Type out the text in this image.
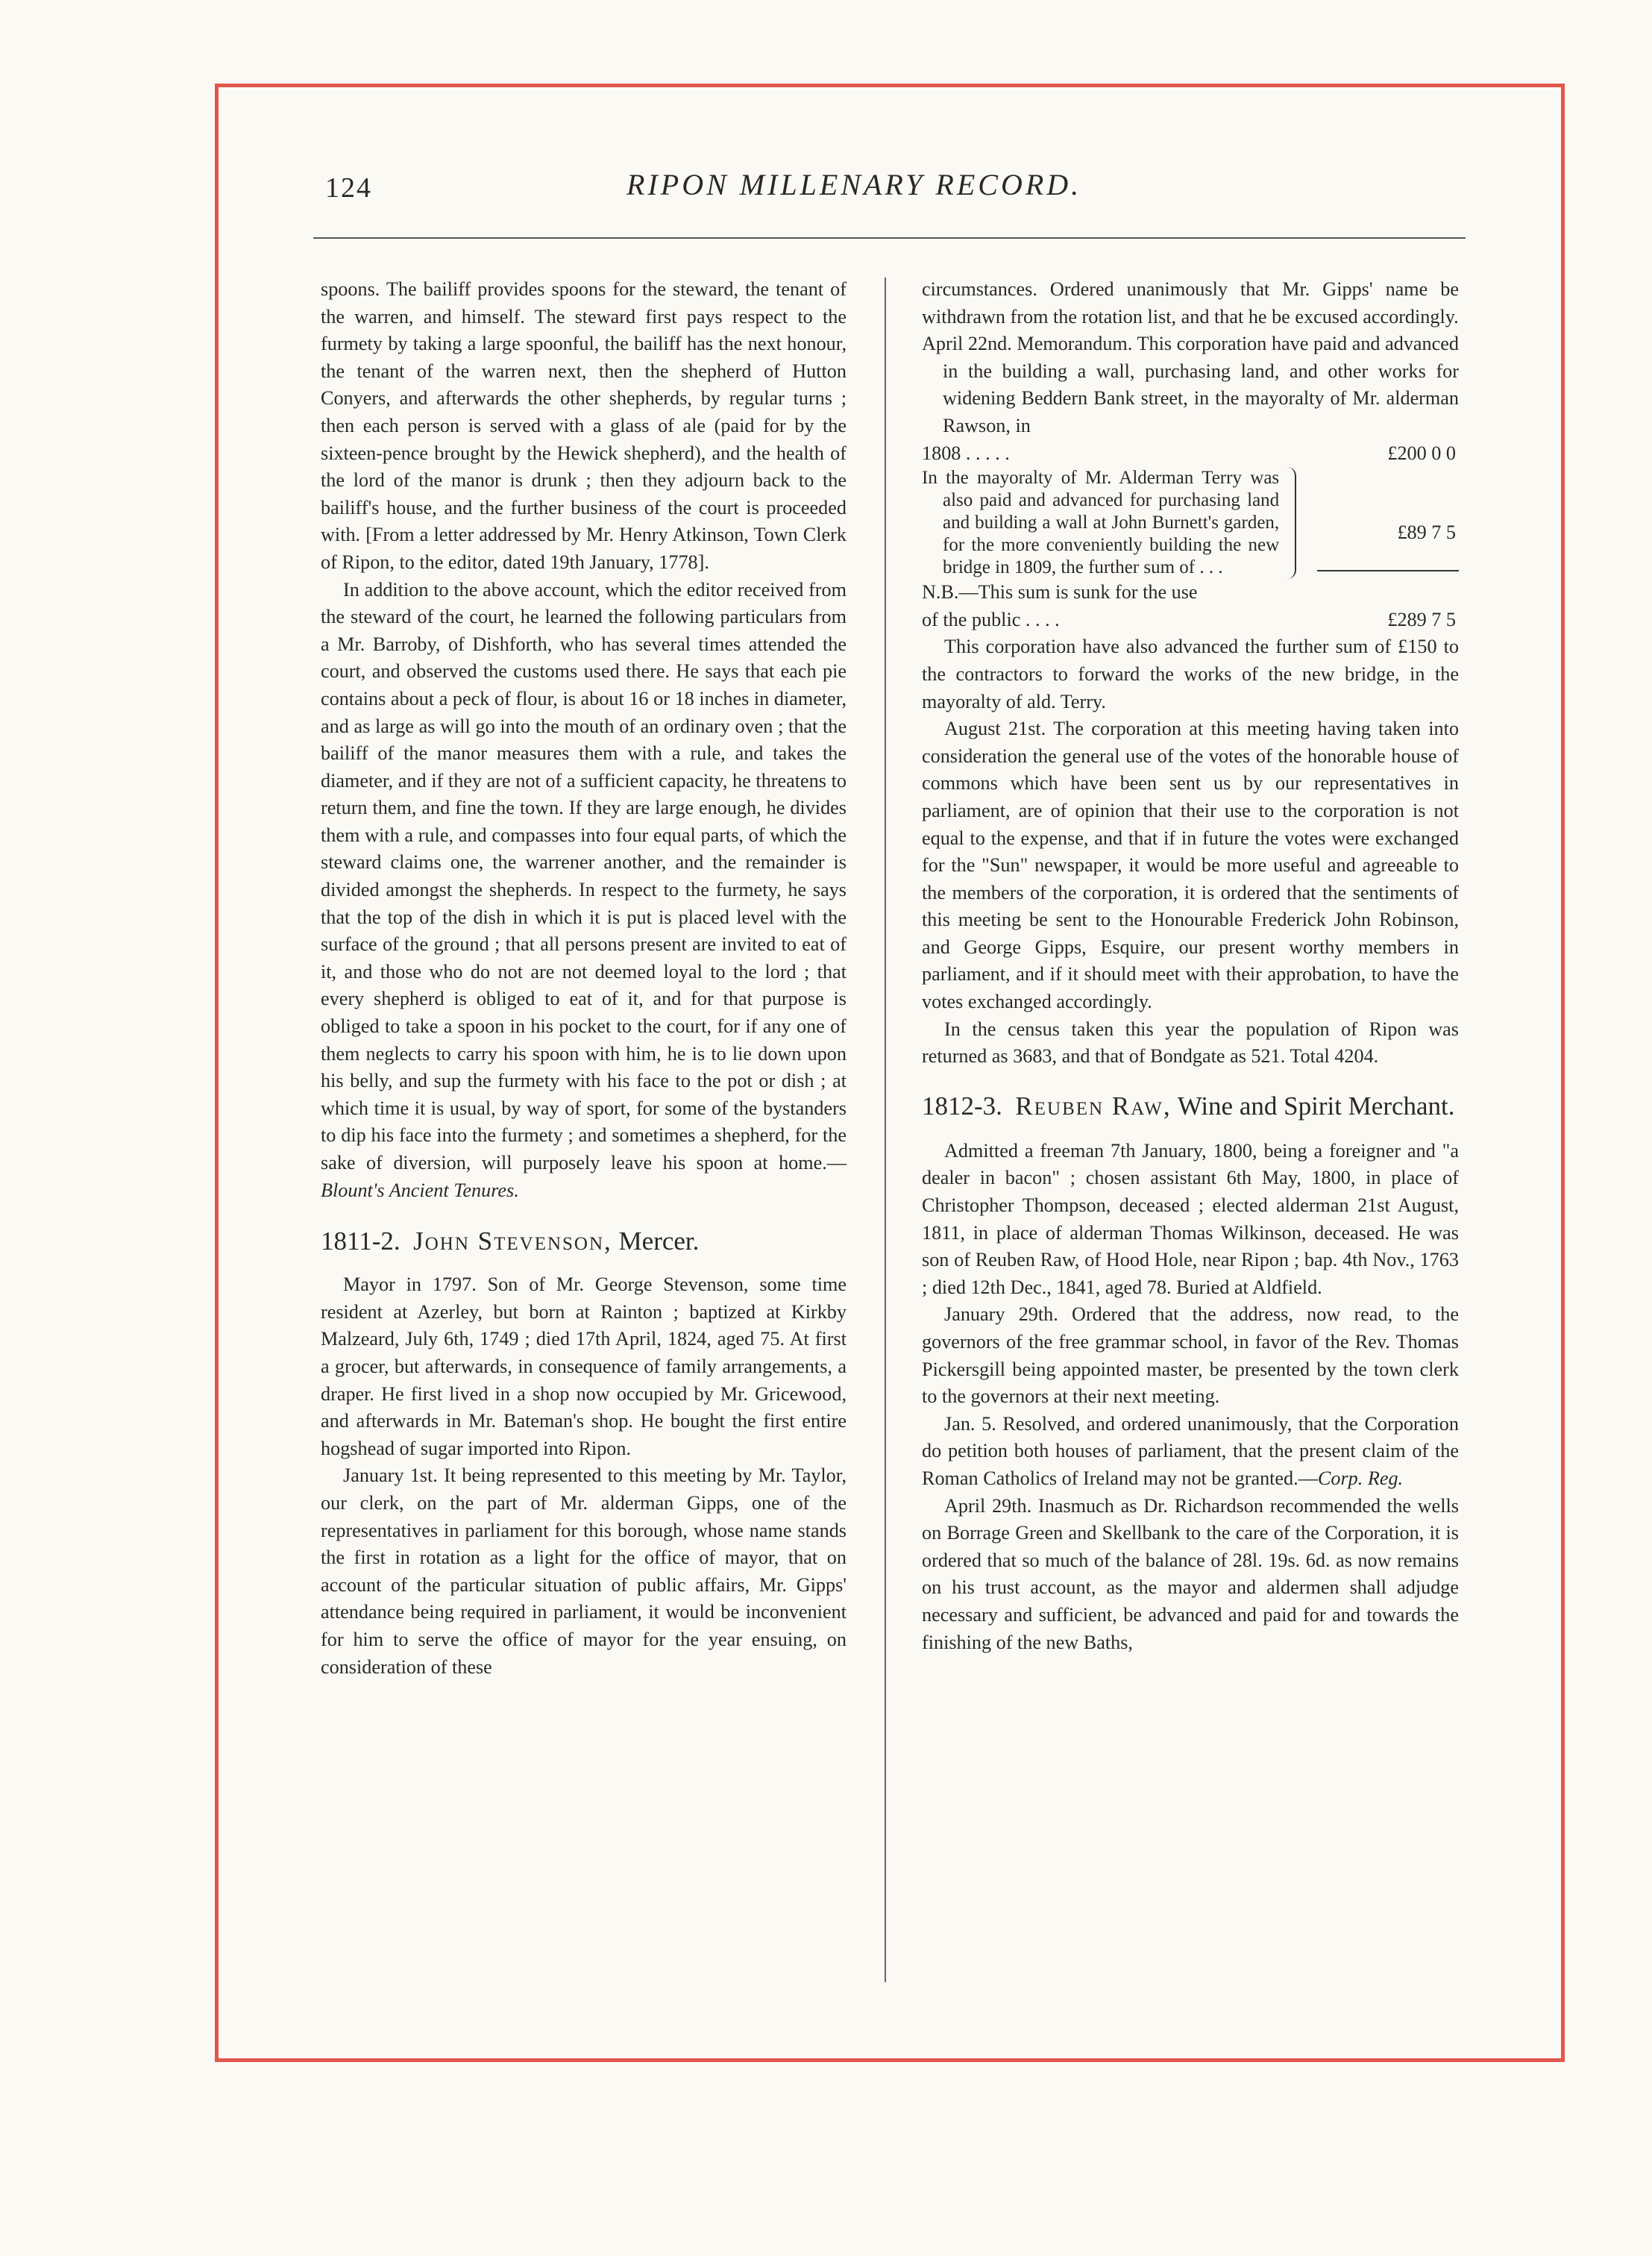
124	RIPON MILLENARY RECORD.

spoons. The bailiff provides spoons for the steward, the tenant of the warren, and himself. The steward first pays respect to the furmety by taking a large spoonful, the bailiff has the next honour, the tenant of the warren next, then the shepherd of Hutton Conyers, and afterwards the other shepherds, by regular turns ; then each person is served with a glass of ale (paid for by the sixteen-pence brought by the Hewick shepherd), and the health of the lord of the manor is drunk ; then they adjourn back to the bailiff's house, and the further business of the court is proceeded with. [From a letter addressed by Mr. Henry Atkinson, Town Clerk of Ripon, to the editor, dated 19th January, 1778].

In addition to the above account, which the editor received from the steward of the court, he learned the following particulars from a Mr. Barroby, of Dishforth, who has several times attended the court, and observed the customs used there. He says that each pie contains about a peck of flour, is about 16 or 18 inches in diameter, and as large as will go into the mouth of an ordinary oven ; that the bailiff of the manor measures them with a rule, and takes the diameter, and if they are not of a sufficient capacity, he threatens to return them, and fine the town. If they are large enough, he divides them with a rule, and compasses into four equal parts, of which the steward claims one, the warrener another, and the remainder is divided amongst the shepherds. In respect to the furmety, he says that the top of the dish in which it is put is placed level with the surface of the ground ; that all persons present are invited to eat of it, and those who do not are not deemed loyal to the lord ; that every shepherd is obliged to eat of it, and for that purpose is obliged to take a spoon in his pocket to the court, for if any one of them neglects to carry his spoon with him, he is to lie down upon his belly, and sup the furmety with his face to the pot or dish ; at which time it is usual, by way of sport, for some of the bystanders to dip his face into the furmety ; and sometimes a shepherd, for the sake of diversion, will purposely leave his spoon at home.—Blount's Ancient Tenures.

1811-2. John Stevenson, Mercer.

Mayor in 1797. Son of Mr. George Stevenson, some time resident at Azerley, but born at Rainton ; baptized at Kirkby Malzeard, July 6th, 1749 ; died 17th April, 1824, aged 75. At first a grocer, but afterwards, in consequence of family arrangements, a draper. He first lived in a shop now occupied by Mr. Gricewood, and afterwards in Mr. Bateman's shop. He bought the first entire hogshead of sugar imported into Ripon.

January 1st. It being represented to this meeting by Mr. Taylor, our clerk, on the part of Mr. alderman Gipps, one of the representatives in parliament for this borough, whose name stands the first in rotation as a light for the office of mayor, that on account of the particular situation of public affairs, Mr. Gipps' attendance being required in parliament, it would be inconvenient for him to serve the office of mayor for the year ensuing, on consideration of these

circumstances. Ordered unanimously that Mr. Gipps' name be withdrawn from the rotation list, and that he be excused accordingly.

April 22nd. Memorandum. This corporation have paid and advanced in the building a wall, purchasing land, and other works for widening Beddern Bank street, in the mayoralty of Mr. alderman Rawson, in
1808 . . . . .	£200 0 0
In the mayoralty of Mr. Alderman Terry was also paid and advanced for purchasing land and building a wall at John Burnett's garden, for the more conveniently building the new bridge in 1809, the further sum of . . .
£89 7 5
N.B.—This sum is sunk for the use
of the public . . . .	£289 7 5

This corporation have also advanced the further sum of £150 to the contractors to forward the works of the new bridge, in the mayoralty of ald. Terry.

August 21st. The corporation at this meeting having taken into consideration the general use of the votes of the honorable house of commons which have been sent us by our representatives in parliament, are of opinion that their use to the corporation is not equal to the expense, and that if in future the votes were exchanged for the "Sun" newspaper, it would be more useful and agreeable to the members of the corporation, it is ordered that the sentiments of this meeting be sent to the Honourable Frederick John Robinson, and George Gipps, Esquire, our present worthy members in parliament, and if it should meet with their approbation, to have the votes exchanged accordingly.

In the census taken this year the population of Ripon was returned as 3683, and that of Bondgate as 521. Total 4204.

1812-3. Reuben Raw, Wine and Spirit Merchant.

Admitted a freeman 7th January, 1800, being a foreigner and "a dealer in bacon" ; chosen assistant 6th May, 1800, in place of Christopher Thompson, deceased ; elected alderman 21st August, 1811, in place of alderman Thomas Wilkinson, deceased. He was son of Reuben Raw, of Hood Hole, near Ripon ; bap. 4th Nov., 1763 ; died 12th Dec., 1841, aged 78. Buried at Aldfield.

January 29th. Ordered that the address, now read, to the governors of the free grammar school, in favor of the Rev. Thomas Pickersgill being appointed master, be presented by the town clerk to the governors at their next meeting.

Jan. 5. Resolved, and ordered unanimously, that the Corporation do petition both houses of parliament, that the present claim of the Roman Catholics of Ireland may not be granted.—Corp. Reg.

April 29th. Inasmuch as Dr. Richardson recommended the wells on Borrage Green and Skellbank to the care of the Corporation, it is ordered that so much of the balance of 28l. 19s. 6d. as now remains on his trust account, as the mayor and aldermen shall adjudge necessary and sufficient, be advanced and paid for and towards the finishing of the new Baths,
